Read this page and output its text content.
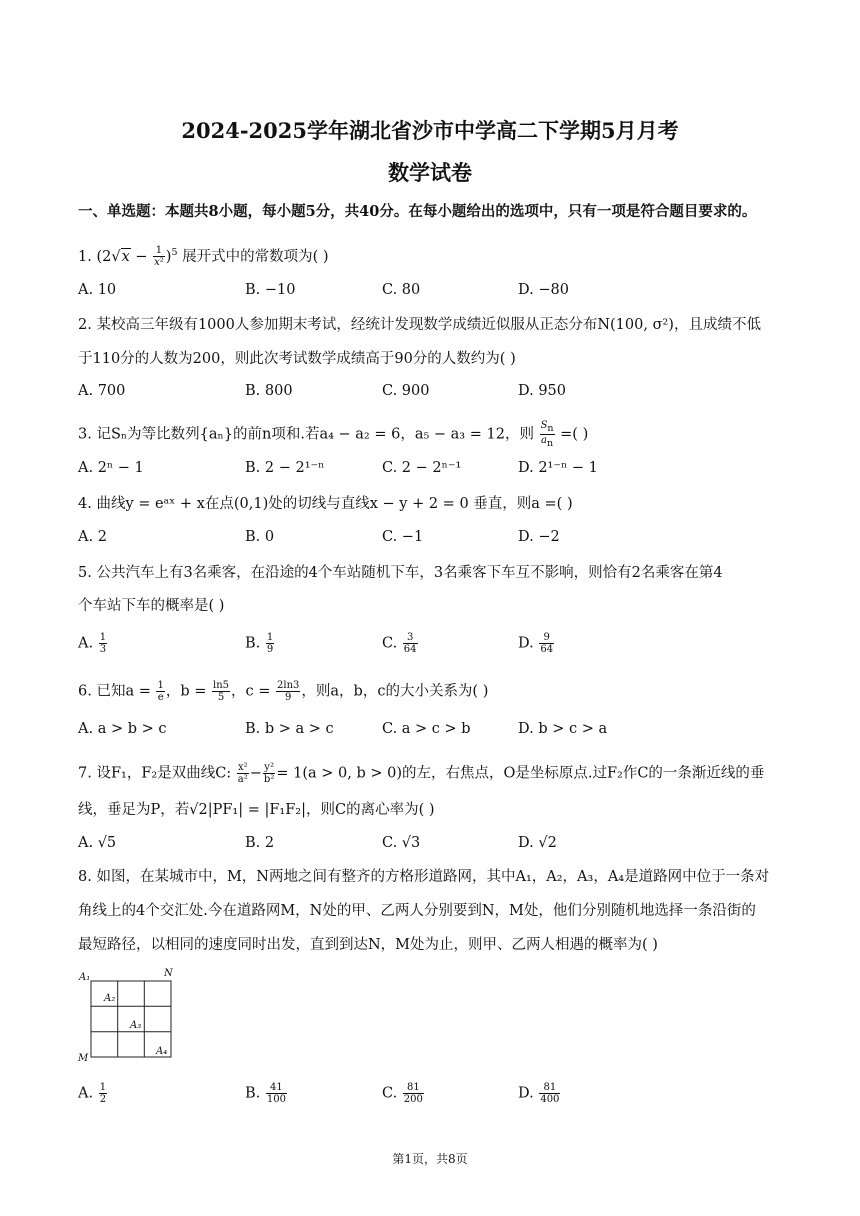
2024-2025学年湖北省沙市中学高二下学期5月月考
数学试卷
一、单选题：本题共8小题，每小题5分，共40分。在每小题给出的选项中，只有一项是符合题目要求的。
1. $(2√x - \frac{1}{\text{x²}} )^5$ 展开式中的常数项为( )
A. 10	B. −10	C. 80	D. −80
2. 某校高三年级有1000人参加期末考试，经统计发现数学成绩近似服从正态分布N(100, σ²)，且成绩不低
于110分的人数为200，则此次考试数学成绩高于90分的人数约为( )
A. 700	B. 800	C. 900	D. 950
3. 记Sₙ为等比数列{aₙ}的前n项和.若a₄ − a₂ = 6，a₅ − a₃ = 12，则 $\frac{S_n}{a_n}$ =( )
A. 2ⁿ − 1	B. 2 − 2¹⁻ⁿ	C. 2 − 2ⁿ⁻¹	D. 2¹⁻ⁿ − 1
4. 曲线y = eᵃˣ + x在点(0,1)处的切线与直线x − y + 2 = 0 垂直，则a =( )
A. 2	B. 0	C. −1	D. −2
5. 公共汽车上有3名乘客，在沿途的4个车站随机下车，3名乘客下车互不影响，则恰有2名乘客在第4
个车站下车的概率是( )
A. $\frac{1}{3}$	B. $\frac{1}{9}$	C. $\frac{3}{64}$	D. $\frac{9}{64}$
6. 已知$a = \frac{1}{e}$ ，$b = \frac{\ln 5}{5}$ ，$c = \frac{2\ln 3}{9}$ ，则a，b，c的大小关系为( )
A. a > b > c	B. b > a > c	C. a > c > b	D. b > c > a
7. 设F₁，F₂是双曲线C: $\frac{\text{x²}}{\text{a²}} - \frac{\text{y²}}{\text{b²}} = 1(a > 0$, b > 0)的左，右焦点，O是坐标原点.过F₂作C的一条渐近线的垂
线，垂足为P，若√2|PF₁| = |F₁F₂|，则C的离心率为( )
A. √5	B. 2	C. √3	D. √2
8. 如图，在某城市中，M，N两地之间有整齐的方格形道路网，其中A₁，A₂，A₃，A₄是道路网中位于一条对
角线上的4个交汇处.今在道路网M，N处的甲、乙两人分别要到N，M处，他们分别随机地选择一条沿街的
最短路径，以相同的速度同时出发，直到到达N，M处为止，则甲、乙两人相遇的概率为( )
A₁
A₂
A₃
A₄
N
M
A. $\frac{1}{2}$	B. $\frac{41}{100}$	C. $\frac{81}{200}$	D. $\frac{81}{400}$
第1页，共8页
